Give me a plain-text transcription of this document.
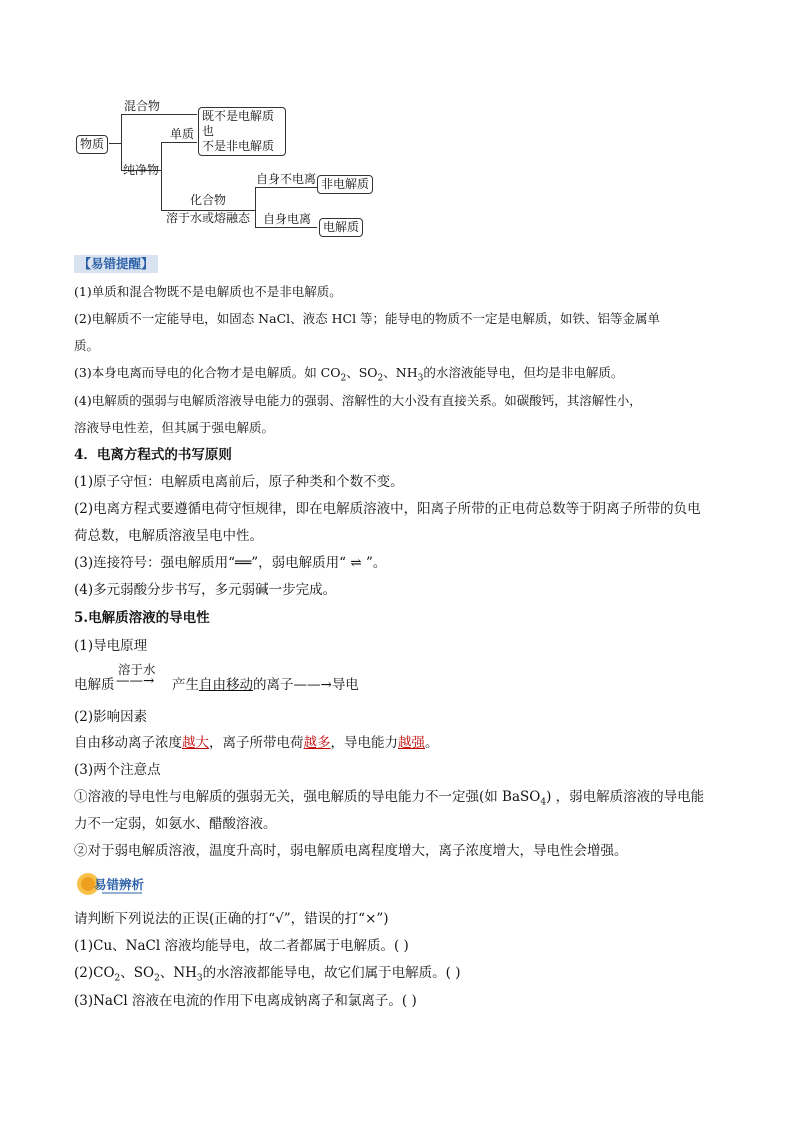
物质
混合物
既不是电解质也
不是非电解质
纯净物
单质
化合物
溶于水或熔融态
自身不电离 非电解质
自身电离
电解质
【易错提醒】
(1)单质和混合物既不是电解质也不是非电解质。
(2)电解质不一定能导电，如固态 NaCl、液态 HCl 等；能导电的物质不一定是电解质，如铁、铝等金属单
质。
(3)本身电离而导电的化合物才是电解质。如 $CO_2$、$SO_2$、$NH_3$的水溶液能导电，但均是非电解质。
(4)电解质的强弱与电解质溶液导电能力的强弱、溶解性的大小没有直接关系。如碳酸钙，其溶解性小，
溶液导电性差，但其属于强电解质。
4．电离方程式的书写原则
(1)原子守恒：电解质电离前后，原子种类和个数不变。
(2)电离方程式要遵循电荷守恒规律，即在电解质溶液中，阳离子所带的正电荷总数等于阴离子所带的负电
荷总数，电解质溶液呈电中性。
(3)连接符号：强电解质用“══”，弱电解质用“ ⇌ ”。
(4)多元弱酸分步书写，多元弱碱一步完成。
5.电解质溶液的导电性
(1)导电原理
电解质
溶于水
——→ 产生自由移动的离子——→导电
(2)影响因素
自由移动离子浓度越大，离子所带电荷越多，导电能力越强。
(3)两个注意点
①溶液的导电性与电解质的强弱无关，强电解质的导电能力不一定强(如 BaSO$_4$) ，弱电解质溶液的导电能
力不一定弱，如氨水、醋酸溶液。
②对于弱电解质溶液，温度升高时，弱电解质电离程度增大，离子浓度增大，导电性会增强。
易错辨析
请判断下列说法的正误(正确的打“√”，错误的打“×”)
(1)Cu、NaCl 溶液均能导电，故二者都属于电解质。( )
$(2)CO_2$、$SO_2$、$NH_3$的水溶液都能导电，故它们属于电解质。( )
(3)NaCl 溶液在电流的作用下电离成钠离子和氯离子。( )
